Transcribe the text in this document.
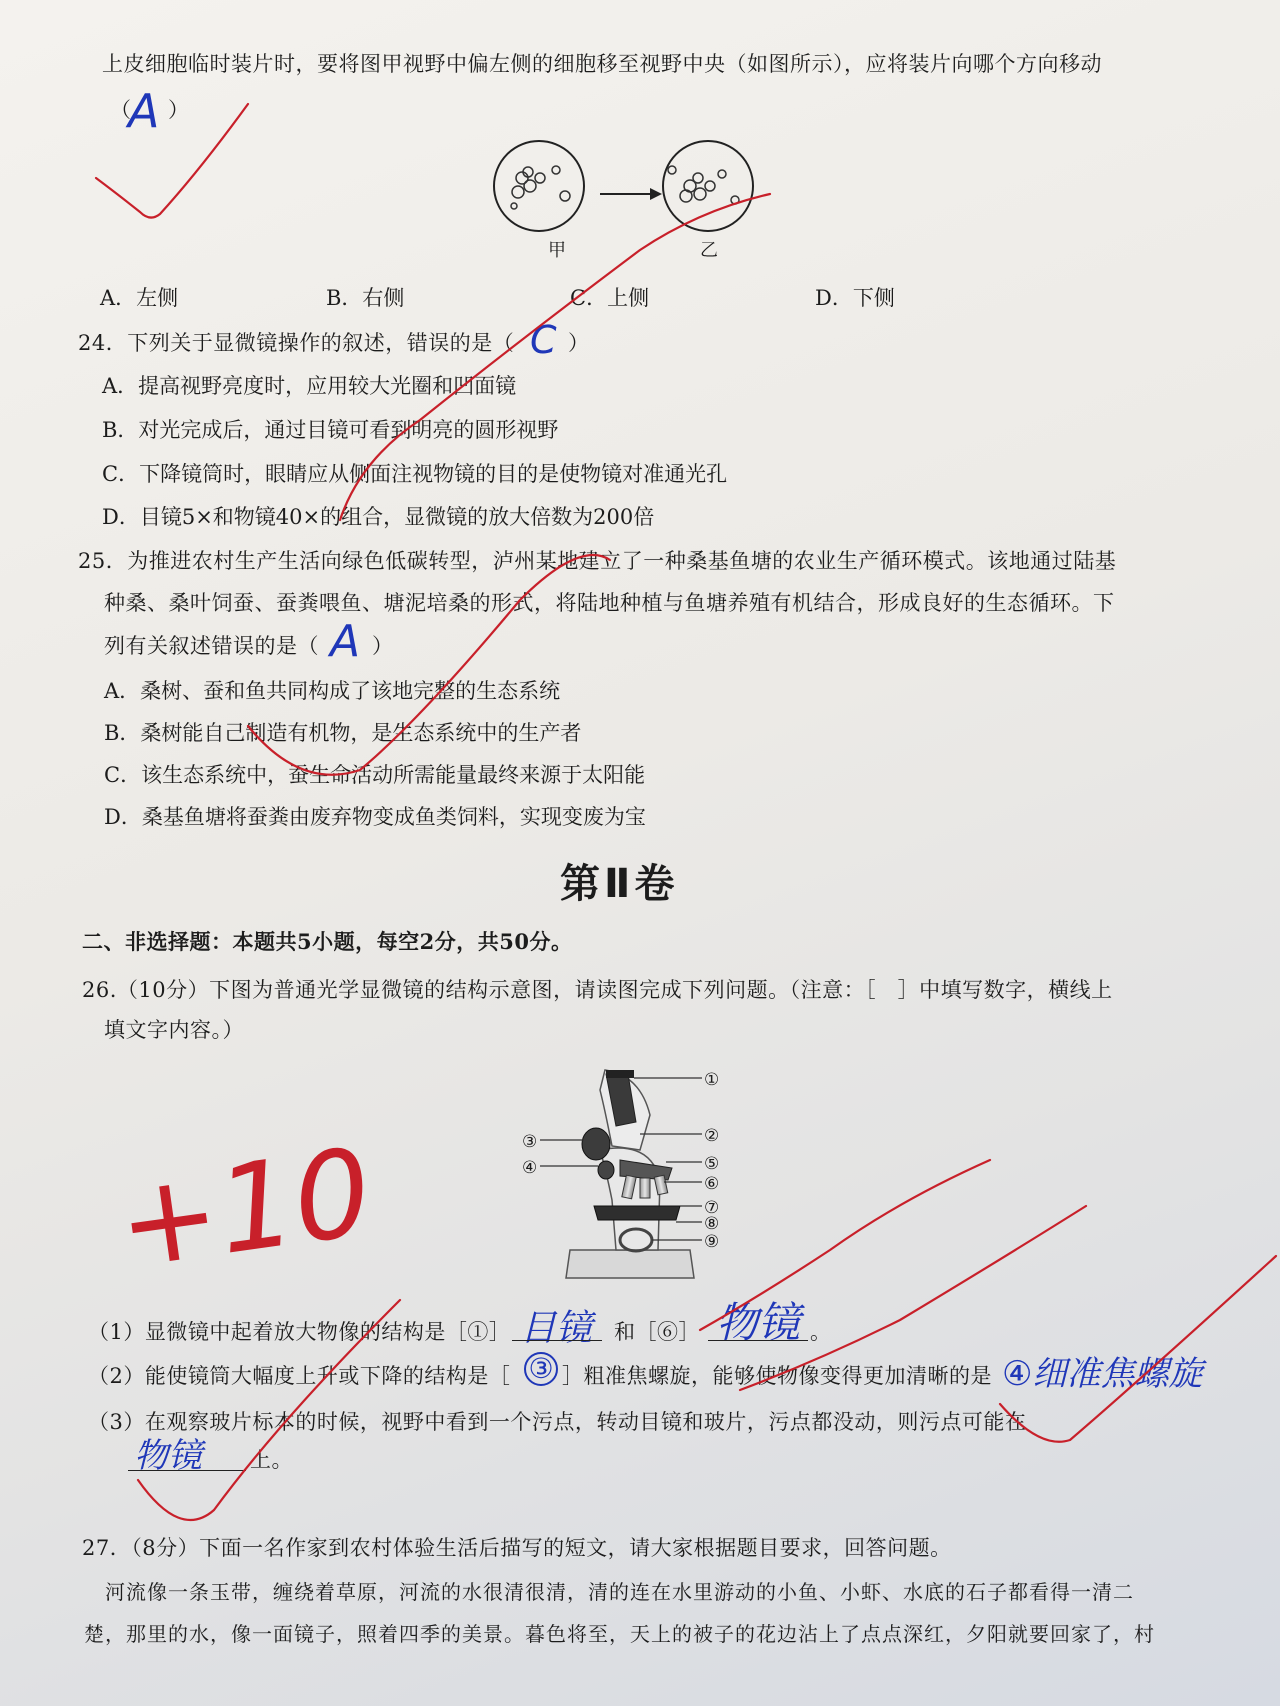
上皮细胞临时装片时，要将图甲视野中偏左侧的细胞移至视野中央（如图所示），应将装片向哪个方向移动
（
A ）
甲	乙
A．左侧	B．右侧	C．上侧	D．下侧
24．下列关于显微镜操作的叙述，错误的是（ C ）
A．提高视野亮度时，应用较大光圈和凹面镜
B．对光完成后，通过目镜可看到明亮的圆形视野
C．下降镜筒时，眼睛应从侧面注视物镜的目的是使物镜对准通光孔
D．目镜5×和物镜40×的组合，显微镜的放大倍数为200倍
25．为推进农村生产生活向绿色低碳转型，泸州某地建立了一种桑基鱼塘的农业生产循环模式。该地通过陆基
种桑、桑叶饲蚕、蚕粪喂鱼、塘泥培桑的形式，将陆地种植与鱼塘养殖有机结合，形成良好的生态循环。下
列有关叙述错误的是（ A ）
A．桑树、蚕和鱼共同构成了该地完整的生态系统
B．桑树能自己制造有机物，是生态系统中的生产者
C．该生态系统中，蚕生命活动所需能量最终来源于太阳能
D．桑基鱼塘将蚕粪由废弃物变成鱼类饲料，实现变废为宝
第Ⅱ卷
二、非选择题：本题共5小题，每空2分，共50分。
26.（10分）下图为普通光学显微镜的结构示意图，请读图完成下列问题。（注意：［　］中填写数字，横线上
填文字内容。）
①
②
③
④	⑤
⑥
⑦
⑧
⑨
+10
（1）显微镜中起着放大物像的结构是［①］ 目镜 和［⑥］ 物镜 。
（2）能使镜筒大幅度上升或下降的结构是［ ③ ］粗准焦螺旋，能够使物像变得更加清晰的是 ④细准焦螺旋
（3）在观察玻片标本的时候，视野中看到一个污点，转动目镜和玻片，污点都没动，则污点可能在
物镜 上。
27．（8分）下面一名作家到农村体验生活后描写的短文，请大家根据题目要求，回答问题。
　河流像一条玉带，缠绕着草原，河流的水很清很清，清的连在水里游动的小鱼、小虾、水底的石子都看得一清二
楚，那里的水，像一面镜子，照着四季的美景。暮色将至，天上的被子的花边沾上了点点深红，夕阳就要回家了，村
